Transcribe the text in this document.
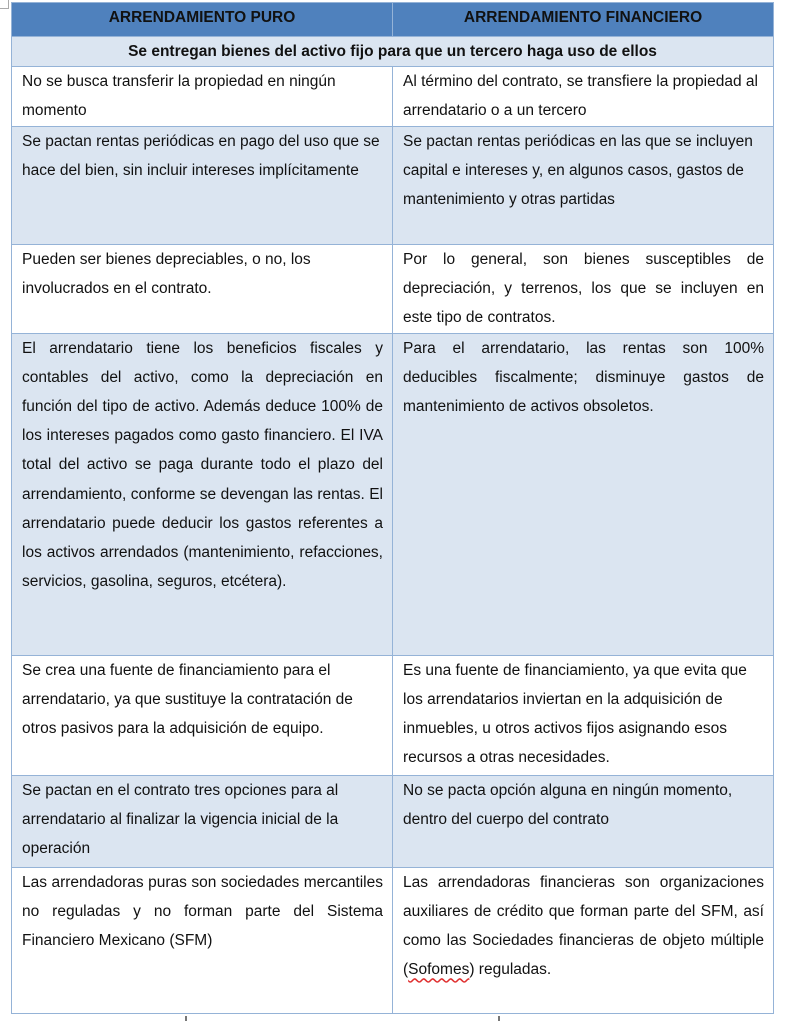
ARRENDAMIENTO PURO	ARRENDAMIENTO FINANCIERO
Se entregan bienes del activo fijo para que un tercero haga uso de ellos	
No se busca transferir la propiedad en ningún momento	Al término del contrato, se transfiere la propiedad al arrendatario o a un tercero
Se pactan rentas periódicas en pago del uso que se hace del bien, sin incluir intereses implícitamente	Se pactan rentas periódicas en las que se incluyen capital e intereses y, en algunos casos, gastos de mantenimiento y otras partidas
Pueden ser bienes depreciables, o no, los involucrados en el contrato.	Por lo general, son bienes susceptibles de depreciación, y terrenos, los que se incluyen en este tipo de contratos.
El arrendatario tiene los beneficios fiscales y contables del activo, como la depreciación en función del tipo de activo. Además deduce 100% de los intereses pagados como gasto financiero. El IVA total del activo se paga durante todo el plazo del arrendamiento, conforme se devengan las rentas. El arrendatario puede deducir los gastos referentes a los activos arrendados (mantenimiento, refacciones, servicios, gasolina, seguros, etcétera).	Para el arrendatario, las rentas son 100% deducibles fiscalmente; disminuye gastos de mantenimiento de activos obsoletos.
Se crea una fuente de financiamiento para el arrendatario, ya que sustituye la contratación de otros pasivos para la adquisición de equipo.	Es una fuente de financiamiento, ya que evita que los arrendatarios inviertan en la adquisición de inmuebles, u otros activos fijos asignando esos recursos a otras necesidades.
Se pactan en el contrato tres opciones para al arrendatario al finalizar la vigencia inicial de la operación	No se pacta opción alguna en ningún momento, dentro del cuerpo del contrato
Las arrendadoras puras son sociedades mercantiles no reguladas y no forman parte del Sistema Financiero Mexicano (SFM)	Las arrendadoras financieras son organizaciones auxiliares de crédito que forman parte del SFM, así como las Sociedades financieras de objeto múltiple (Sofomes) reguladas.
